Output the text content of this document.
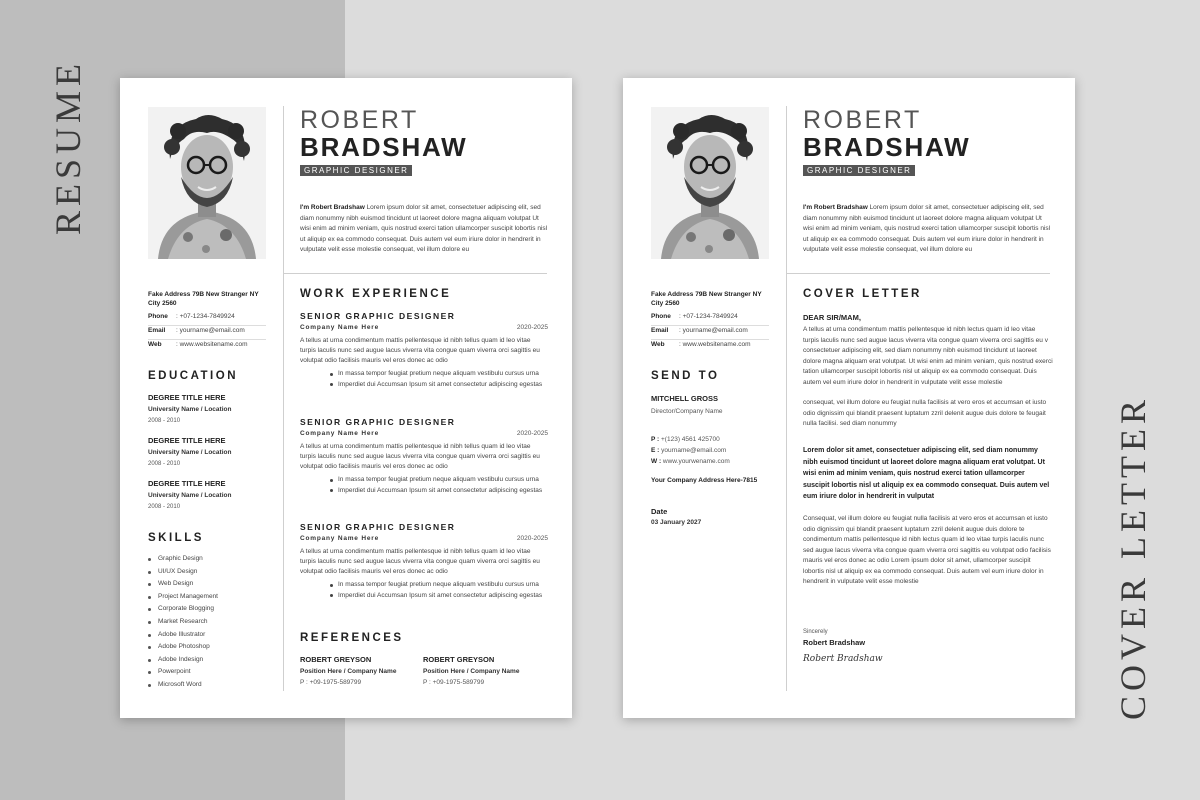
RESUME
COVER LETTER
ROBERT
BRADSHAW
GRAPHIC DESIGNER
I'm Robert Bradshaw Lorem ipsum dolor sit amet, consectetuer adipiscing elit, sed diam nonummy nibh euismod tincidunt ut laoreet dolore magna aliquam volutpat Ut wisi enim ad minim veniam, quis nostrud exerci tation ullamcorper suscipit lobortis nisl ut aliquip ex ea commodo consequat. Duis autem vel eum iriure dolor in hendrerit in vulputate velit esse molestie consequat, vel illum dolore eu
Fake Address 79B New Stranger NY City 2560
Phone : +07-1234-7849924
Email : yourname@email.com
Web : www.websitename.com
EDUCATION
DEGREE TITLE HERE
University Name / Location
2008 - 2010
DEGREE TITLE HERE
University Name / Location
2008 - 2010
DEGREE TITLE HERE
University Name / Location
2008 - 2010
SKILLS
Graphic Design
UI/UX Design
Web Design
Project Management
Corporate Blogging
Market Research
Adobe Illustrator
Adobe Photoshop
Adobe Indesign
Powerpoint
Microsoft Word
WORK EXPERIENCE
SENIOR GRAPHIC DESIGNER
Company Name Here	2020-2025
A tellus at urna condimentum mattis pellentesque id nibh tellus quam id leo vitae turpis laculis nunc sed augue lacus viverra vita congue quam viverra orci sagittis eu volutpat odio facilisis mauris vel eros donec ac odio
In massa tempor feugiat pretium neque aliquam vestibulu cursus urna
Imperdiet dui Accumsan Ipsum sit amet consectetur adipiscing egestas
SENIOR GRAPHIC DESIGNER
Company Name Here	2020-2025
A tellus at urna condimentum mattis pellentesque id nibh tellus quam id leo vitae turpis laculis nunc sed augue lacus viverra vita congue quam viverra orci sagittis eu volutpat odio facilisis mauris vel eros donec ac odio
In massa tempor feugiat pretium neque aliquam vestibulu cursus urna
Imperdiet dui Accumsan Ipsum sit amet consectetur adipiscing egestas
SENIOR GRAPHIC DESIGNER
Company Name Here	2020-2025
A tellus at urna condimentum mattis pellentesque id nibh tellus quam id leo vitae turpis laculis nunc sed augue lacus viverra vita congue quam viverra orci sagittis eu volutpat odio facilisis mauris vel eros donec ac odio
In massa tempor feugiat pretium neque aliquam vestibulu cursus urna
Imperdiet dui Accumsan Ipsum sit amet consectetur adipiscing egestas
REFERENCES
ROBERT GREYSON
Position Here / Company Name
P : +09-1975-589799
ROBERT GREYSON
Position Here / Company Name
P : +09-1975-589799
ROBERT
BRADSHAW
GRAPHIC DESIGNER
I'm Robert Bradshaw Lorem ipsum dolor sit amet, consectetuer adipiscing elit, sed diam nonummy nibh euismod tincidunt ut laoreet dolore magna aliquam volutpat Ut wisi enim ad minim veniam, quis nostrud exerci tation ullamcorper suscipit lobortis nisl ut aliquip ex ea commodo consequat. Duis autem vel eum iriure dolor in hendrerit in vulputate velit esse molestie consequat, vel illum dolore eu
Fake Address 79B New Stranger NY City 2560
Phone : +07-1234-7849924
Email : yourname@email.com
Web : www.websitename.com
SEND TO
MITCHELL GROSS
Director/Company Name
P : +(123) 4561 425700
E : yourname@email.com
W : www.yourwename.com
Your Company Address Here-7815
Date
03 January 2027
COVER LETTER
DEAR SIR/MAM,
A tellus at urna condimentum mattis pellentesque id nibh lectus quam id leo vitae turpis laculis nunc sed augue lacus viverra vita congue quam viverra orci sagittis eu v consectetuer adipiscing elit, sed diam nonummy nibh euismod tincidunt ut laoreet dolore magna aliquam erat volutpat. Ut wisi enim ad minim veniam, quis nostrud exerci tation ullamcorper suscipit lobortis nisl ut aliquip ex ea commodo consequat. Duis autem vel eum iriure dolor in hendrerit in vulputate velit esse molestie
consequat, vel illum dolore eu feugiat nulla facilisis at vero eros et accumsan et iusto odio dignissim qui blandit praesent luptatum zzril delenit augue duis dolore te feugait nulla facilisi. sed diam nonummy
Lorem dolor sit amet, consectetuer adipiscing elit, sed diam nonummy nibh euismod tincidunt ut laoreet dolore magna aliquam erat volutpat. Ut wisi enim ad minim veniam, quis nostrud exerci tation ullamcorper suscipit lobortis nisl ut aliquip ex ea commodo consequat. Duis autem vel eum iriure dolor in hendrerit in vulputat
Consequat, vel illum dolore eu feugiat nulla facilisis at vero eros et accumsan et iusto odio dignissim qui blandit praesent luptatum zzril delenit augue duis dolore te condimentum mattis pellentesque id nibh lectus quam id leo vitae turpis laculis nunc sed augue lacus viverra vita congue quam viverra orci sagittis eu volutpat odio facilisis mauris vel eros donec ac odio Lorem ipsum dolor sit amet, ullamcorper suscipit lobortis nisl ut aliquip ex ea commodo consequat. Duis autem vel eum iriure dolor in hendrerit in vulputate velit esse molestie
Sincerely
Robert Bradshaw
Robert Bradshaw
